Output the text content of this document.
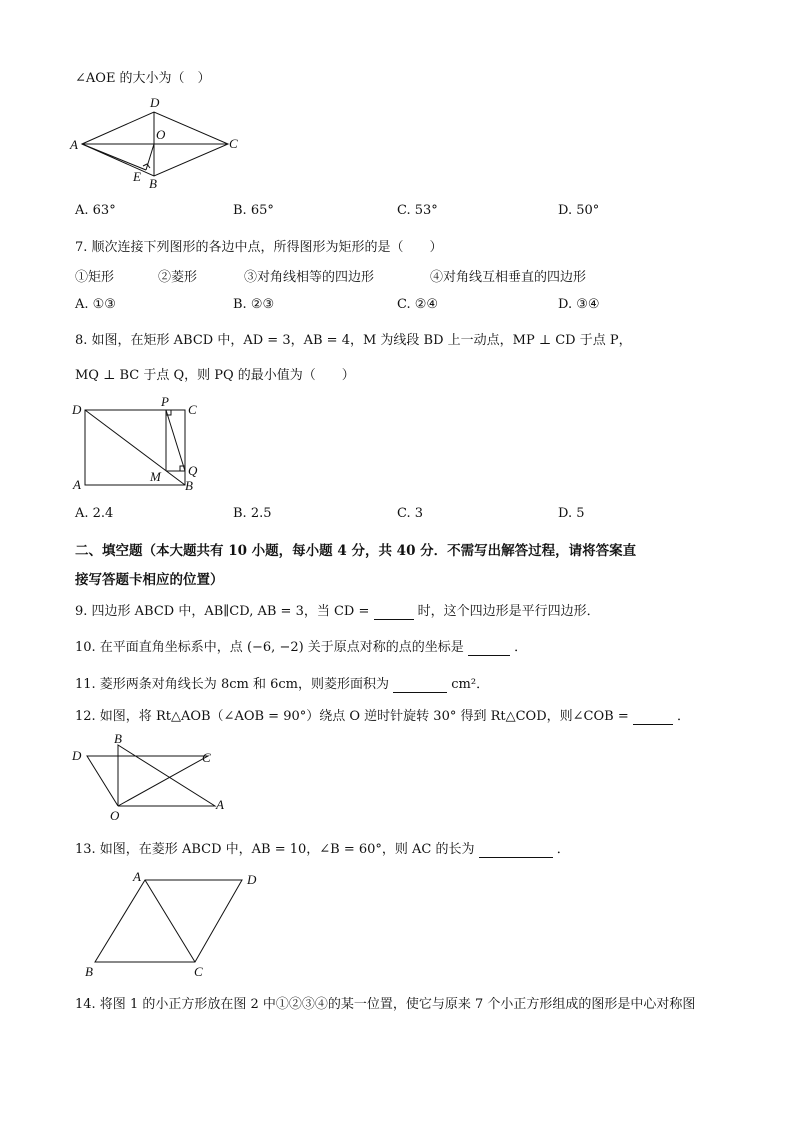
∠AOE 的大小为（　）
D
A
O
C
E B
A. 63°	B. 65°	C. 53°	D. 50°
7. 顺次连接下列图形的各边中点，所得图形为矩形的是（　　）
①矩形	②菱形	③对角线相等的四边形	④对角线互相垂直的四边形
A. ①③	B. ②③	C. ②④	D. ③④
8. 如图，在矩形 ABCD 中，AD = 3，AB = 4，M 为线段 BD 上一动点，MP ⊥ CD 于点 P，
MQ ⊥ BC 于点 Q，则 PQ 的最小值为（　　）
D
P
C
Q
M
A	B
A. 2.4	B. 2.5	C. 3	D. 5
二、填空题（本大题共有 10 小题，每小题 4 分，共 40 分．不需写出解答过程，请将答案直
接写答题卡相应的位置）
9. 四边形 ABCD 中，AB∥CD, AB = 3，当 CD =	时，这个四边形是平行四边形．
10. 在平面直角坐标系中，点 (−6, −2) 关于原点对称的点的坐标是	．
11. 菱形两条对角线长为 8cm 和 6cm，则菱形面积为	cm²．
12. 如图，将 Rt△AOB（∠AOB = 90°）绕点 O 逆时针旋转 30° 得到 Rt△COD，则∠COB =	．
B
D	C
A
O
13. 如图，在菱形 ABCD 中，AB = 10，∠B = 60°，则 AC 的长为	．
A	D
B	C
14. 将图 1 的小正方形放在图 2 中①②③④的某一位置，使它与原来 7 个小正方形组成的图形是中心对称图
